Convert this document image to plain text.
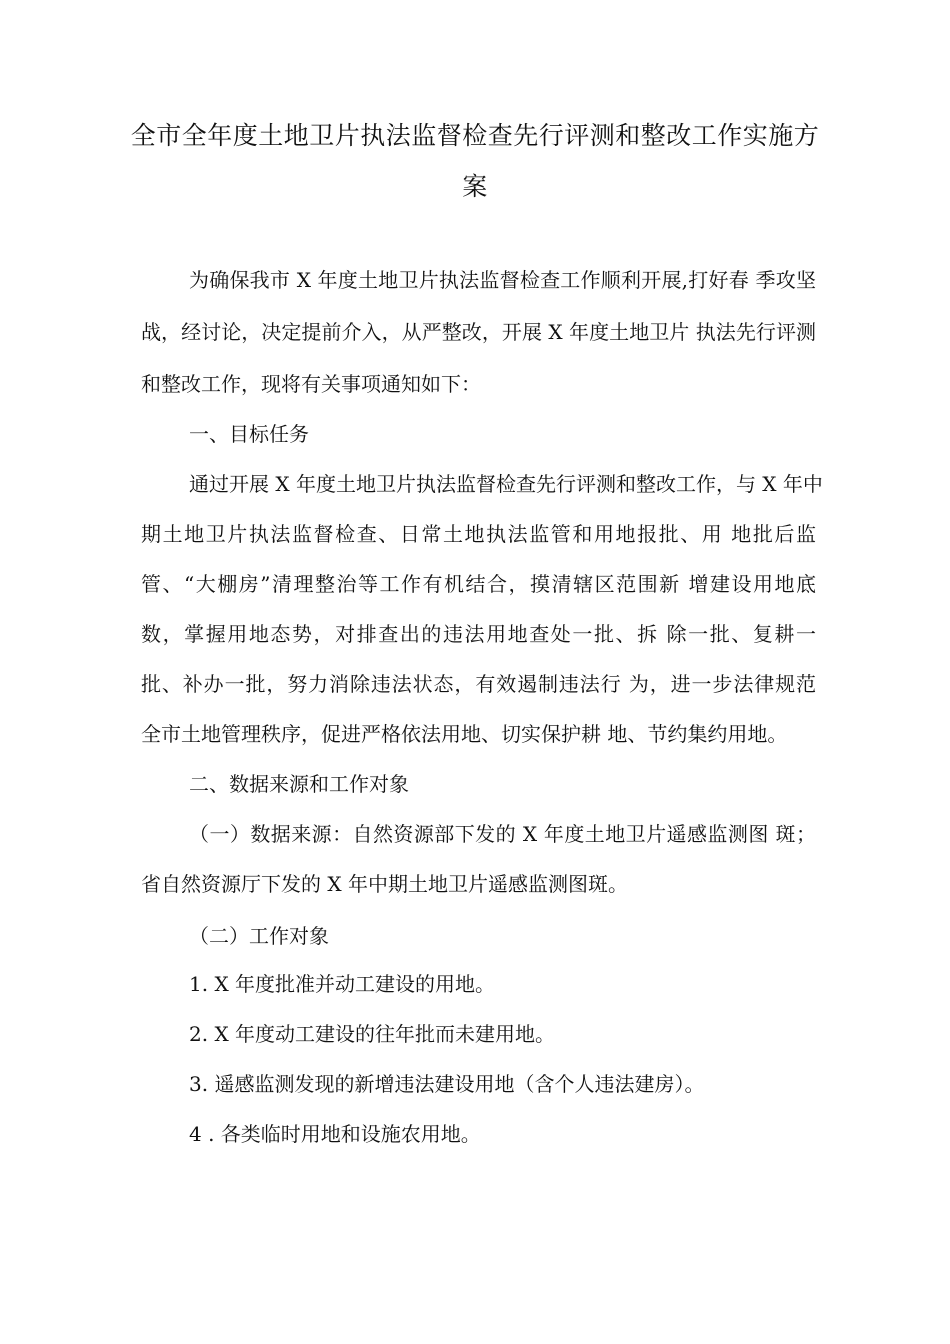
全市全年度土地卫片执法监督检查先行评测和整改工作实施方
案
为确保我市 X 年度土地卫片执法监督检查工作顺利开展,打好春 季攻坚
战，经讨论，决定提前介入，从严整改，开展 X 年度土地卫片 执法先行评测
和整改工作，现将有关事项通知如下：
一、目标任务
通过开展 X 年度土地卫片执法监督检查先行评测和整改工作，与 X 年中
期土地卫片执法监督检查、日常土地执法监管和用地报批、用 地批后监
管、“大棚房”清理整治等工作有机结合，摸清辖区范围新 增建设用地底
数，掌握用地态势，对排查出的违法用地查处一批、拆 除一批、复耕一
批、补办一批，努力消除违法状态，有效遏制违法行 为，进一步法律规范
全市土地管理秩序，促进严格依法用地、切实保护耕 地、节约集约用地。
二、数据来源和工作对象
（一）数据来源：自然资源部下发的 X 年度土地卫片遥感监测图 斑；
省自然资源厅下发的 X 年中期土地卫片遥感监测图斑。
（二）工作对象
1. X 年度批准并动工建设的用地。
2. X 年度动工建设的往年批而未建用地。
3. 遥感监测发现的新增违法建设用地（含个人违法建房）。
4 . 各类临时用地和设施农用地。
